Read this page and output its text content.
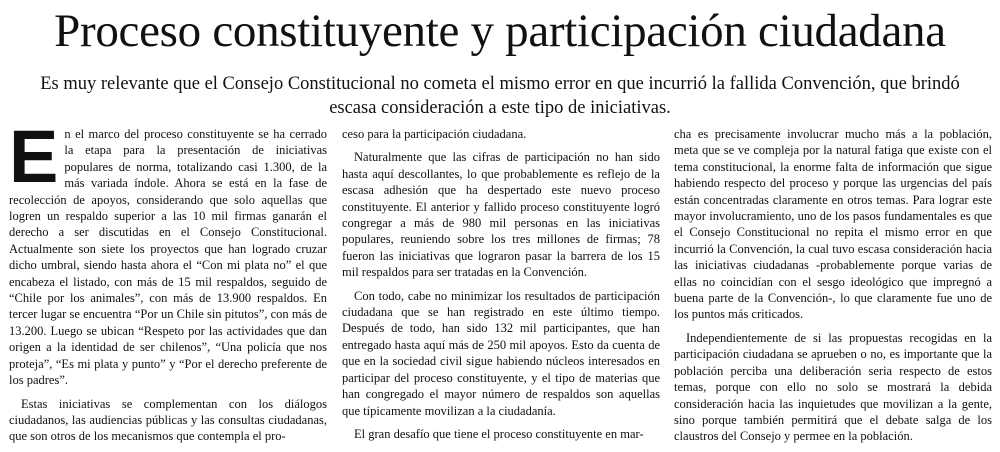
Proceso constituyente y participación ciudadana
Es muy relevante que el Consejo Constitucional no cometa el mismo error en que incurrió la fallida Convención, que brindó
escasa consideración a este tipo de iniciativas.

En el marco del proceso constituyente se ha cerrado la etapa para la presentación de iniciativas populares de norma, totalizando casi 1.300, de la más variada índole. Ahora se está en la fase de recolección de apoyos, considerando que solo aquellas que logren un respaldo superior a las 10 mil firmas ganarán el derecho a ser discutidas en el Consejo Constitucional. Actualmente son siete los proyectos que han logrado cruzar dicho umbral, siendo hasta ahora el “Con mi plata no” el que encabeza el listado, con más de 15 mil respaldos, seguido de “Chile por los animales”, con más de 13.900 respaldos. En tercer lugar se encuentra “Por un Chile sin pitutos”, con más de 13.200. Luego se ubican “Respeto por las actividades que dan origen a la identidad de ser chilenos”, “Una policía que nos proteja”, “Es mi plata y punto” y “Por el derecho preferente de los padres”.

Estas iniciativas se complementan con los diálogos ciudadanos, las audiencias públicas y las consultas ciudadanas, que son otros de los mecanismos que contempla el pro-

ceso para la participación ciudadana.

Naturalmente que las cifras de participación no han sido hasta aquí descollantes, lo que probablemente es reflejo de la escasa adhesión que ha despertado este nuevo proceso constituyente. El anterior y fallido proceso constituyente logró congregar a más de 980 mil personas en las iniciativas populares, reuniendo sobre los tres millones de firmas; 78 fueron las iniciativas que lograron pasar la barrera de los 15 mil respaldos para ser tratadas en la Convención.

Con todo, cabe no minimizar los resultados de participación ciudadana que se han registrado en este último tiempo. Después de todo, han sido 132 mil participantes, que han entregado hasta aquí más de 250 mil apoyos. Esto da cuenta de que en la sociedad civil sigue habiendo núcleos interesados en participar del proceso constituyente, y el tipo de materias que han congregado el mayor número de respaldos son aquellas que típicamente movilizan a la ciudadanía.

El gran desafío que tiene el proceso constituyente en mar-

cha es precisamente involucrar mucho más a la población, meta que se ve compleja por la natural fatiga que existe con el tema constitucional, la enorme falta de información que sigue habiendo respecto del proceso y porque las urgencias del país están concentradas claramente en otros temas. Para lograr este mayor involucramiento, uno de los pasos fundamentales es que el Consejo Constitucional no repita el mismo error en que incurrió la Convención, la cual tuvo escasa consideración hacia las iniciativas ciudadanas -probablemente porque varias de ellas no coincidían con el sesgo ideológico que impregnó a buena parte de la Convención-, lo que claramente fue uno de los puntos más criticados.

Independientemente de si las propuestas recogidas en la participación ciudadana se aprueben o no, es importante que la población perciba una deliberación seria respecto de estos temas, porque con ello no solo se mostrará la debida consideración hacia las inquietudes que movilizan a la gente, sino porque también permitirá que el debate salga de los claustros del Consejo y permee en la población.
